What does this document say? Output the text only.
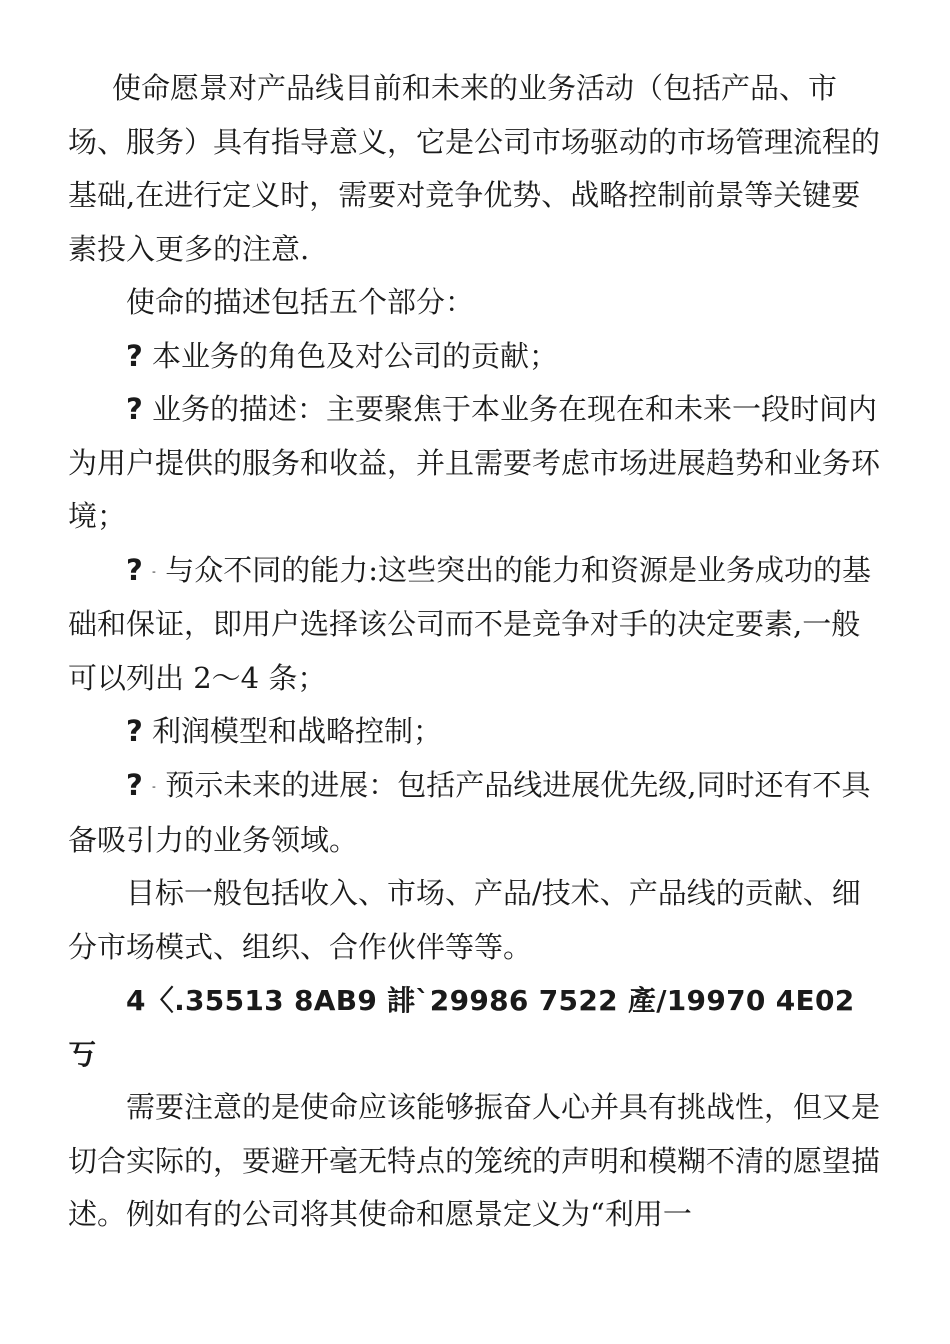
使命愿景对产品线目前和未来的业务活动（包括产品、市场、服务）具有指导意义，它是公司市场驱动的市场管理流程的基础,在进行定义时，需要对竞争优势、战略控制前景等关键要素投入更多的注意.

使命的描述包括五个部分：

? 本业务的角色及对公司的贡献；

? 业务的描述：主要聚焦于本业务在现在和未来一段时间内为用户提供的服务和收益，并且需要考虑市场进展趋势和业务环境；

? ˗ 与众不同的能力:这些突出的能力和资源是业务成功的基础和保证，即用户选择该公司而不是竞争对手的决定要素,一般可以列出 2～4 条；

? 利润模型和战略控制；

? ˗ 预示未来的进展：包括产品线进展优先级,同时还有不具备吸引力的业务领域。

目标一般包括收入、市场、产品/技术、产品线的贡献、细分市场模式、组织、合作伙伴等等。

4〈.35513 8AB9 誹`29986 7522 產/19970 4E02 丂

需要注意的是使命应该能够振奋人心并具有挑战性，但又是切合实际的，要避开毫无特点的笼统的声明和模糊不清的愿望描述。例如有的公司将其使命和愿景定义为“利用一
